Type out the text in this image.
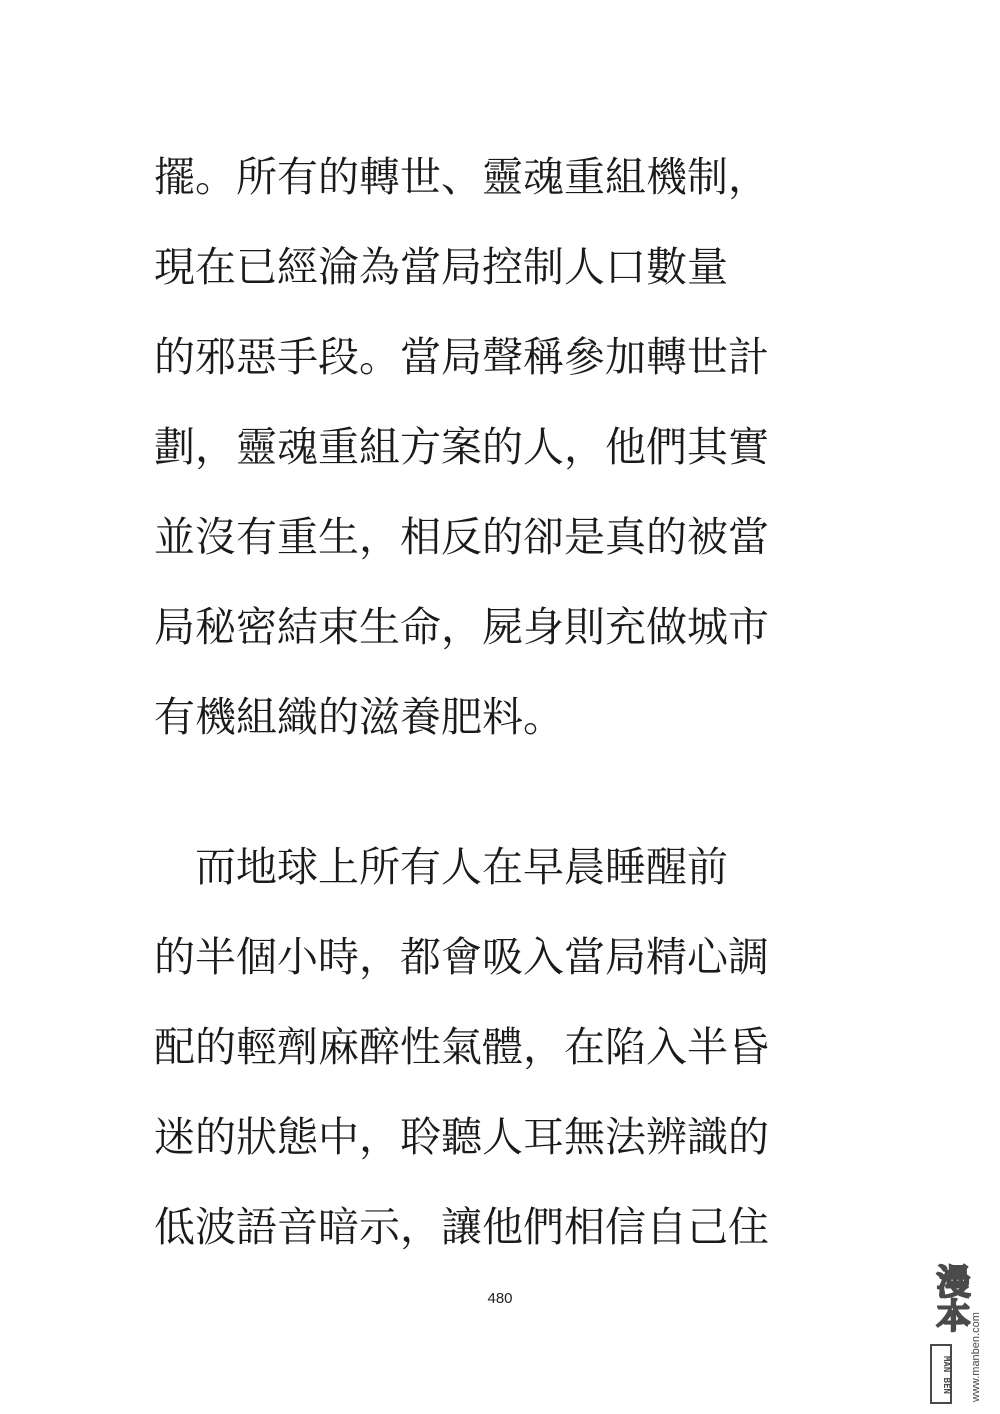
擺。所有的轉世、靈魂重組機制，
現在已經淪為當局控制人口數量
的邪惡手段。當局聲稱參加轉世計
劃，靈魂重組方案的人，他們其實
並沒有重生，相反的卻是真的被當
局秘密結束生命，屍身則充做城市
有機組織的滋養肥料。
而地球上所有人在早晨睡醒前
的半個小時，都會吸入當局精心調
配的輕劑麻醉性氣體，在陷入半昏
迷的狀態中，聆聽人耳無法辨識的
低波語音暗示，讓他們相信自己住
480	漫本
MAN BEN www.manben.com
